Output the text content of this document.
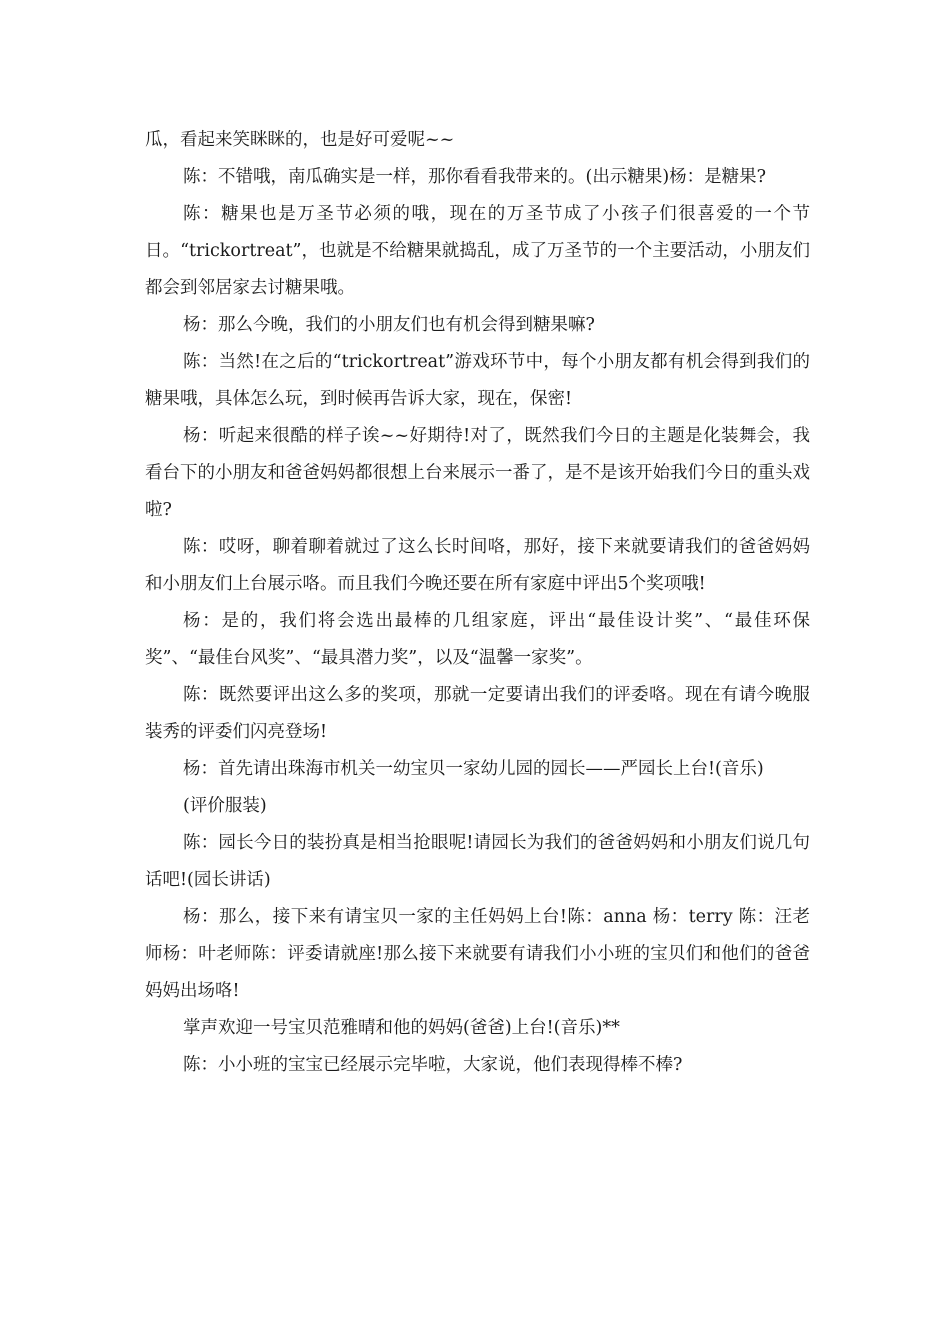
瓜，看起来笑眯眯的，也是好可爱呢~~

陈：不错哦，南瓜确实是一样，那你看看我带来的。(出示糖果)杨：是糖果?

陈：糖果也是万圣节必须的哦，现在的万圣节成了小孩子们很喜爱的一个节日。“trickortreat”，也就是不给糖果就捣乱，成了万圣节的一个主要活动，小朋友们都会到邻居家去讨糖果哦。

杨：那么今晚，我们的小朋友们也有机会得到糖果嘛?

陈：当然!在之后的“trickortreat”游戏环节中，每个小朋友都有机会得到我们的糖果哦，具体怎么玩，到时候再告诉大家，现在，保密!

杨：听起来很酷的样子诶~~好期待!对了，既然我们今日的主题是化装舞会，我看台下的小朋友和爸爸妈妈都很想上台来展示一番了，是不是该开始我们今日的重头戏啦?

陈：哎呀，聊着聊着就过了这么长时间咯，那好，接下来就要请我们的爸爸妈妈和小朋友们上台展示咯。而且我们今晚还要在所有家庭中评出5个奖项哦!

杨：是的，我们将会选出最棒的几组家庭，评出“最佳设计奖”、“最佳环保奖”、“最佳台风奖”、“最具潜力奖”，以及“温馨一家奖”。

陈：既然要评出这么多的奖项，那就一定要请出我们的评委咯。现在有请今晚服装秀的评委们闪亮登场!

杨：首先请出珠海市机关一幼宝贝一家幼儿园的园长——严园长上台!(音乐)

(评价服装)

陈：园长今日的装扮真是相当抢眼呢!请园长为我们的爸爸妈妈和小朋友们说几句话吧!(园长讲话)

杨：那么，接下来有请宝贝一家的主任妈妈上台!陈：anna 杨：terry 陈：汪老师杨：叶老师陈：评委请就座!那么接下来就要有请我们小小班的宝贝们和他们的爸爸妈妈出场咯!

掌声欢迎一号宝贝范雅晴和他的妈妈(爸爸)上台!(音乐)**

陈：小小班的宝宝已经展示完毕啦，大家说，他们表现得棒不棒?
